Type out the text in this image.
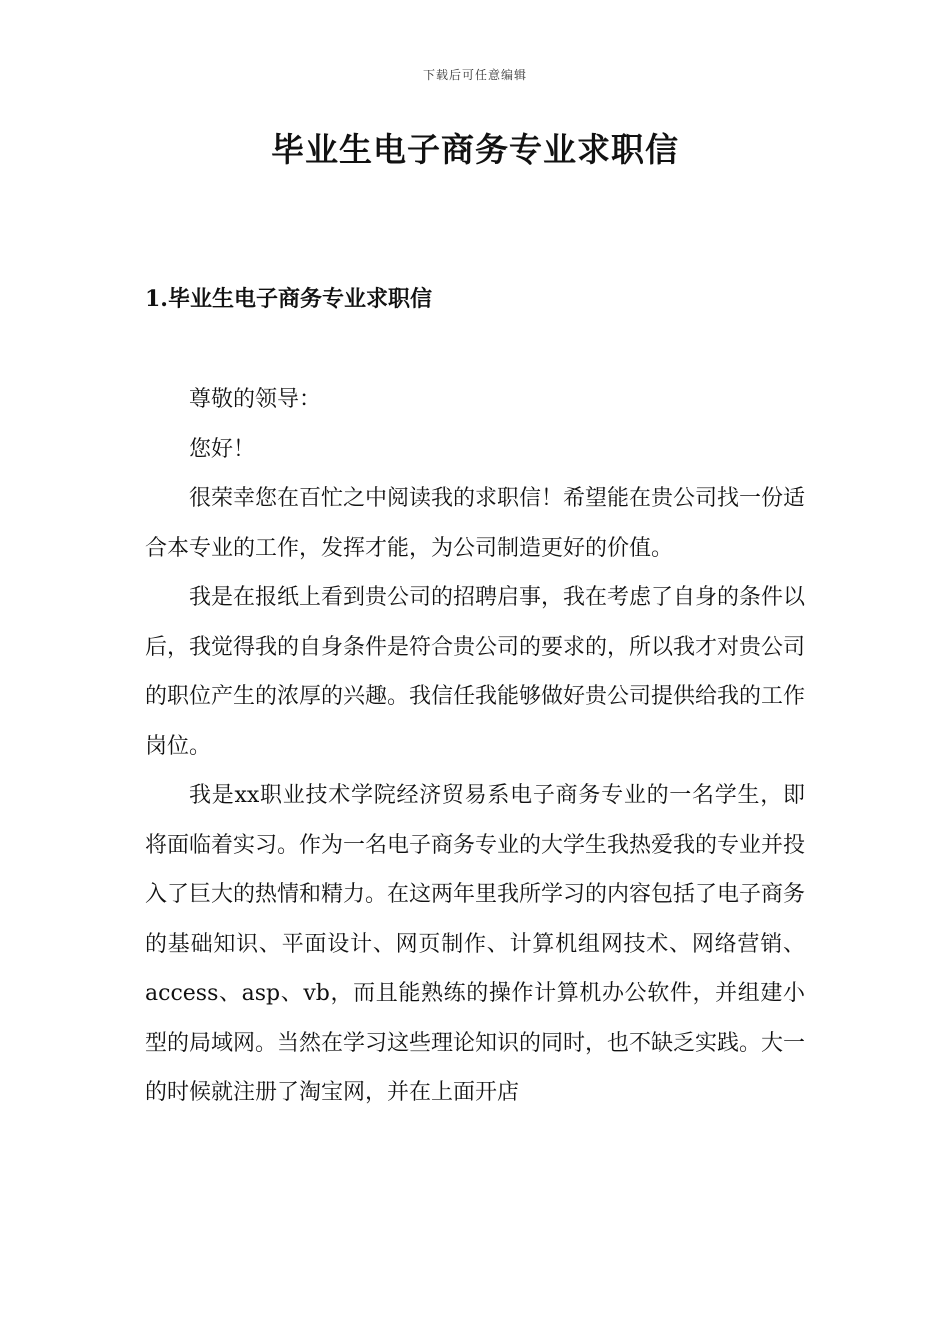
下载后可任意编辑
毕业生电子商务专业求职信
1.毕业生电子商务专业求职信

尊敬的领导：

您好！

很荣幸您在百忙之中阅读我的求职信！希望能在贵公司找一份适合本专业的工作，发挥才能，为公司制造更好的价值。

我是在报纸上看到贵公司的招聘启事，我在考虑了自身的条件以后，我觉得我的自身条件是符合贵公司的要求的，所以我才对贵公司的职位产生的浓厚的兴趣。我信任我能够做好贵公司提供给我的工作岗位。

我是xx职业技术学院经济贸易系电子商务专业的一名学生，即将面临着实习。作为一名电子商务专业的大学生我热爱我的专业并投入了巨大的热情和精力。在这两年里我所学习的内容包括了电子商务的基础知识、平面设计、网页制作、计算机组网技术、网络营销、access、asp、vb，而且能熟练的操作计算机办公软件，并组建小型的局域网。当然在学习这些理论知识的同时，也不缺乏实践。大一的时候就注册了淘宝网，并在上面开店
